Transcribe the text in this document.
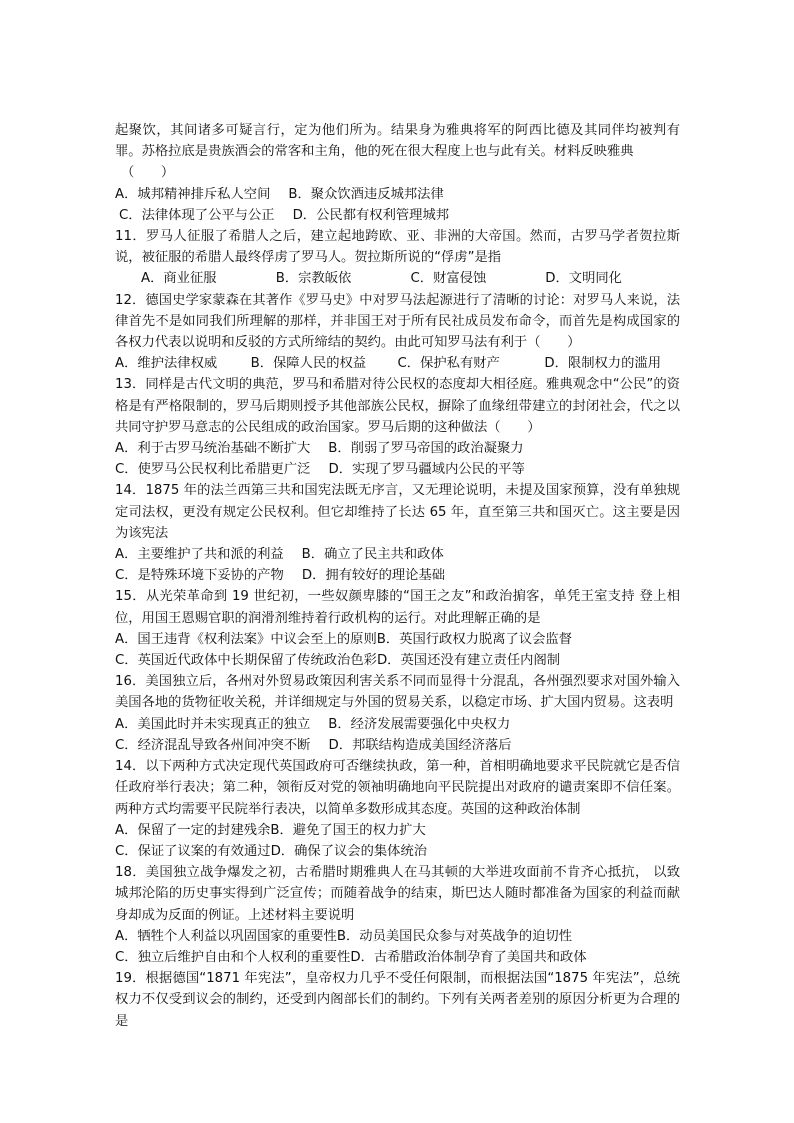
起聚饮，其间诸多可疑言行，定为他们所为。结果身为雅典将军的阿西比德及其同伴均被判有罪。苏格拉底是贵族酒会的常客和主角，他的死在很大程度上也与此有关。材料反映雅典

（　　）
A．城邦精神排斥私人空间 B．聚众饮酒违反城邦法律
C．法律体现了公平与公正 D．公民都有权利管理城邦

11．罗马人征服了希腊人之后，建立起地跨欧、亚、非洲的大帝国。然而，古罗马学者贺拉斯说，被征服的希腊人最终俘虏了罗马人。贺拉斯所说的“俘虏”是指

A．商业征服	B．宗教皈依	C．财富侵蚀	D．文明同化

12．德国史学家蒙森在其著作《罗马史》中对罗马法起源进行了清晰的讨论：对罗马人来说，法律首先不是如同我们所理解的那样，并非国王对于所有民社成员发布命令，而首先是构成国家的各权力代表以说明和反驳的方式所缔结的契约。由此可知罗马法有利于（　　）

A．维护法律权威	B．保障人民的权益	C．保护私有财产	D．限制权力的滥用

13．同样是古代文明的典范，罗马和希腊对待公民权的态度却大相径庭。雅典观念中“公民”的资格是有严格限制的，罗马后期则授予其他部族公民权，摒除了血缘纽带建立的封闭社会，代之以共同守护罗马意志的公民组成的政治国家。罗马后期的这种做法（　　）

A．利于古罗马统治基础不断扩大 B．削弱了罗马帝国的政治凝聚力
C．使罗马公民权利比希腊更广泛 D．实现了罗马疆域内公民的平等

14．1875 年的法兰西第三共和国宪法既无序言，又无理论说明，未提及国家预算，没有单独规定司法权，更没有规定公民权利。但它却维持了长达 65 年，直至第三共和国灭亡。这主要是因为该宪法

A．主要维护了共和派的利益 B．确立了民主共和政体
C．是特殊环境下妥协的产物 D．拥有较好的理论基础

15．从光荣革命到 19 世纪初，一些奴颜卑膝的“国王之友”和政治掮客，单凭王室支持 登上相位，用国王恩赐官职的润滑剂维持着行政机构的运行。对此理解正确的是

A．国王违背《权利法案》中议会至上的原则 B．英国行政权力脱离了议会监督
C．英国近代政体中长期保留了传统政治色彩 D．英国还没有建立责任内阁制

16．美国独立后，各州对外贸易政策因利害关系不同而显得十分混乱，各州强烈要求对国外输入美国各地的货物征收关税，并详细规定与外国的贸易关系，以稳定市场、扩大国内贸易。这表明

A．美国此时并未实现真正的独立 B．经济发展需要强化中央权力
C．经济混乱导致各州间冲突不断 D．邦联结构造成美国经济落后

14．以下两种方式决定现代英国政府可否继续执政，第一种，首相明确地要求平民院就它是否信任政府举行表决；第二种，领衔反对党的领袖明确地向平民院提出对政府的谴责案即不信任案。两种方式均需要平民院举行表决，以简单多数形成其态度。英国的这种政治体制

A．保留了一定的封建残余 B．避免了国王的权力扩大
C．保证了议案的有效通过 D．确保了议会的集体统治

18．美国独立战争爆发之初，古希腊时期雅典人在马其顿的大举进攻面前不肯齐心抵抗， 以致城邦沦陷的历史事实得到广泛宣传；而随着战争的结束，斯巴达人随时都准备为国家的利益而献身却成为反面的例证。上述材料主要说明

A．牺牲个人利益以巩固国家的重要性 B．动员美国民众参与对英战争的迫切性
C．独立后维护自由和个人权利的重要性 D．古希腊政治体制孕育了美国共和政体

19．根据德国“1871 年宪法”，皇帝权力几乎不受任何限制，而根据法国“1875 年宪法”，总统权力不仅受到议会的制约，还受到内阁部长们的制约。下列有关两者差别的原因分析更为合理的是
